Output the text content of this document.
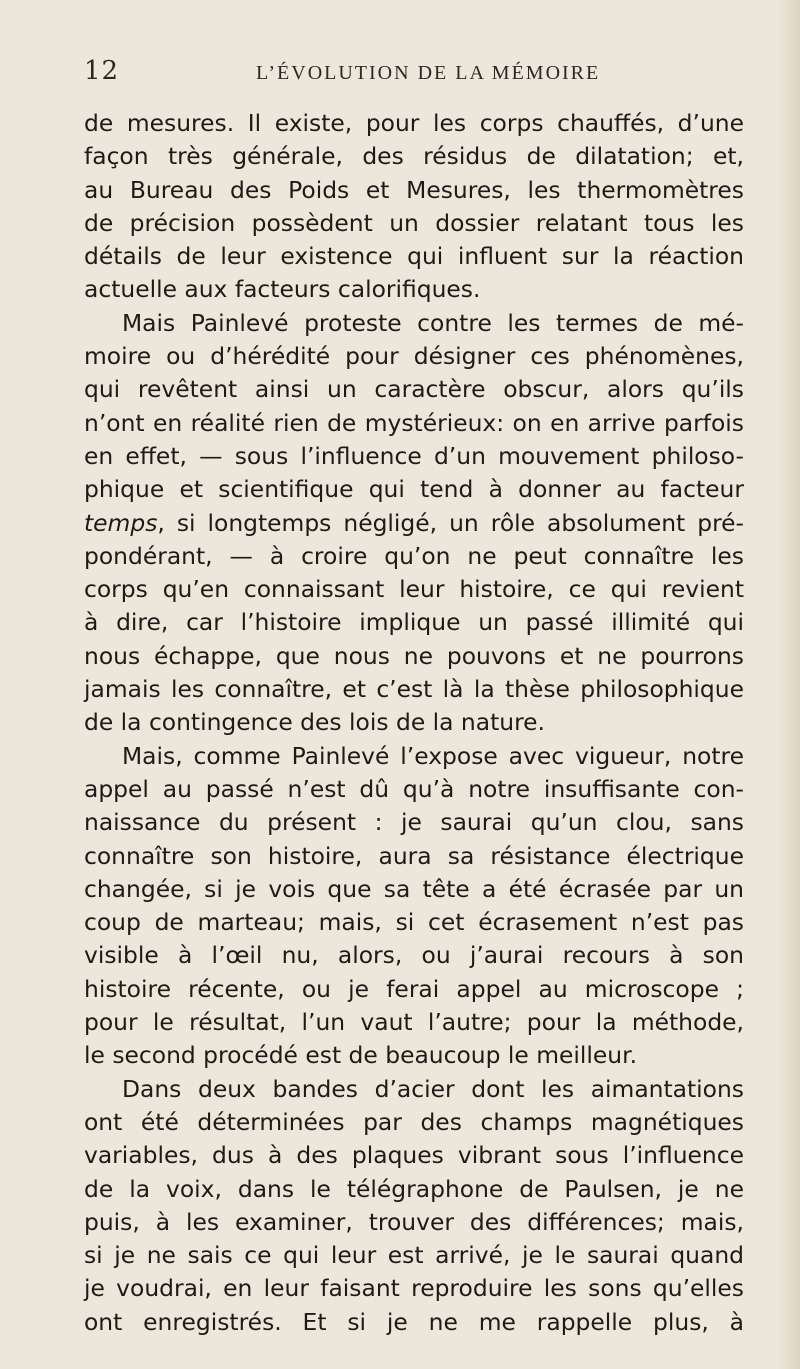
12	L’ÉVOLUTION DE LA MÉMOIRE
de mesures. Il existe, pour les corps chauffés, d’une
façon très générale, des résidus de dilatation; et,
au Bureau des Poids et Mesures, les thermomètres
de précision possèdent un dossier relatant tous les
détails de leur existence qui influent sur la réaction
actuelle aux facteurs calorifiques.
Mais Painlevé proteste contre les termes de mé-
moire ou d’hérédité pour désigner ces phénomènes,
qui revêtent ainsi un caractère obscur, alors qu’ils
n’ont en réalité rien de mystérieux: on en arrive parfois
en effet, — sous l’influence d’un mouvement philoso-
phique et scientifique qui tend à donner au facteur
temps, si longtemps négligé, un rôle absolument pré-
pondérant, — à croire qu’on ne peut connaître les
corps qu’en connaissant leur histoire, ce qui revient
à dire, car l’histoire implique un passé illimité qui
nous échappe, que nous ne pouvons et ne pourrons
jamais les connaître, et c’est là la thèse philosophique
de la contingence des lois de la nature.
Mais, comme Painlevé l’expose avec vigueur, notre
appel au passé n’est dû qu’à notre insuffisante con-
naissance du présent : je saurai qu’un clou, sans
connaître son histoire, aura sa résistance électrique
changée, si je vois que sa tête a été écrasée par un
coup de marteau; mais, si cet écrasement n’est pas
visible à l’œil nu, alors, ou j’aurai recours à son
histoire récente, ou je ferai appel au microscope ;
pour le résultat, l’un vaut l’autre; pour la méthode,
le second procédé est de beaucoup le meilleur.
Dans deux bandes d’acier dont les aimantations
ont été déterminées par des champs magnétiques
variables, dus à des plaques vibrant sous l’influence
de la voix, dans le télégraphone de Paulsen, je ne
puis, à les examiner, trouver des différences; mais,
si je ne sais ce qui leur est arrivé, je le saurai quand
je voudrai, en leur faisant reproduire les sons qu’elles
ont enregistrés. Et si je ne me rappelle plus, à
